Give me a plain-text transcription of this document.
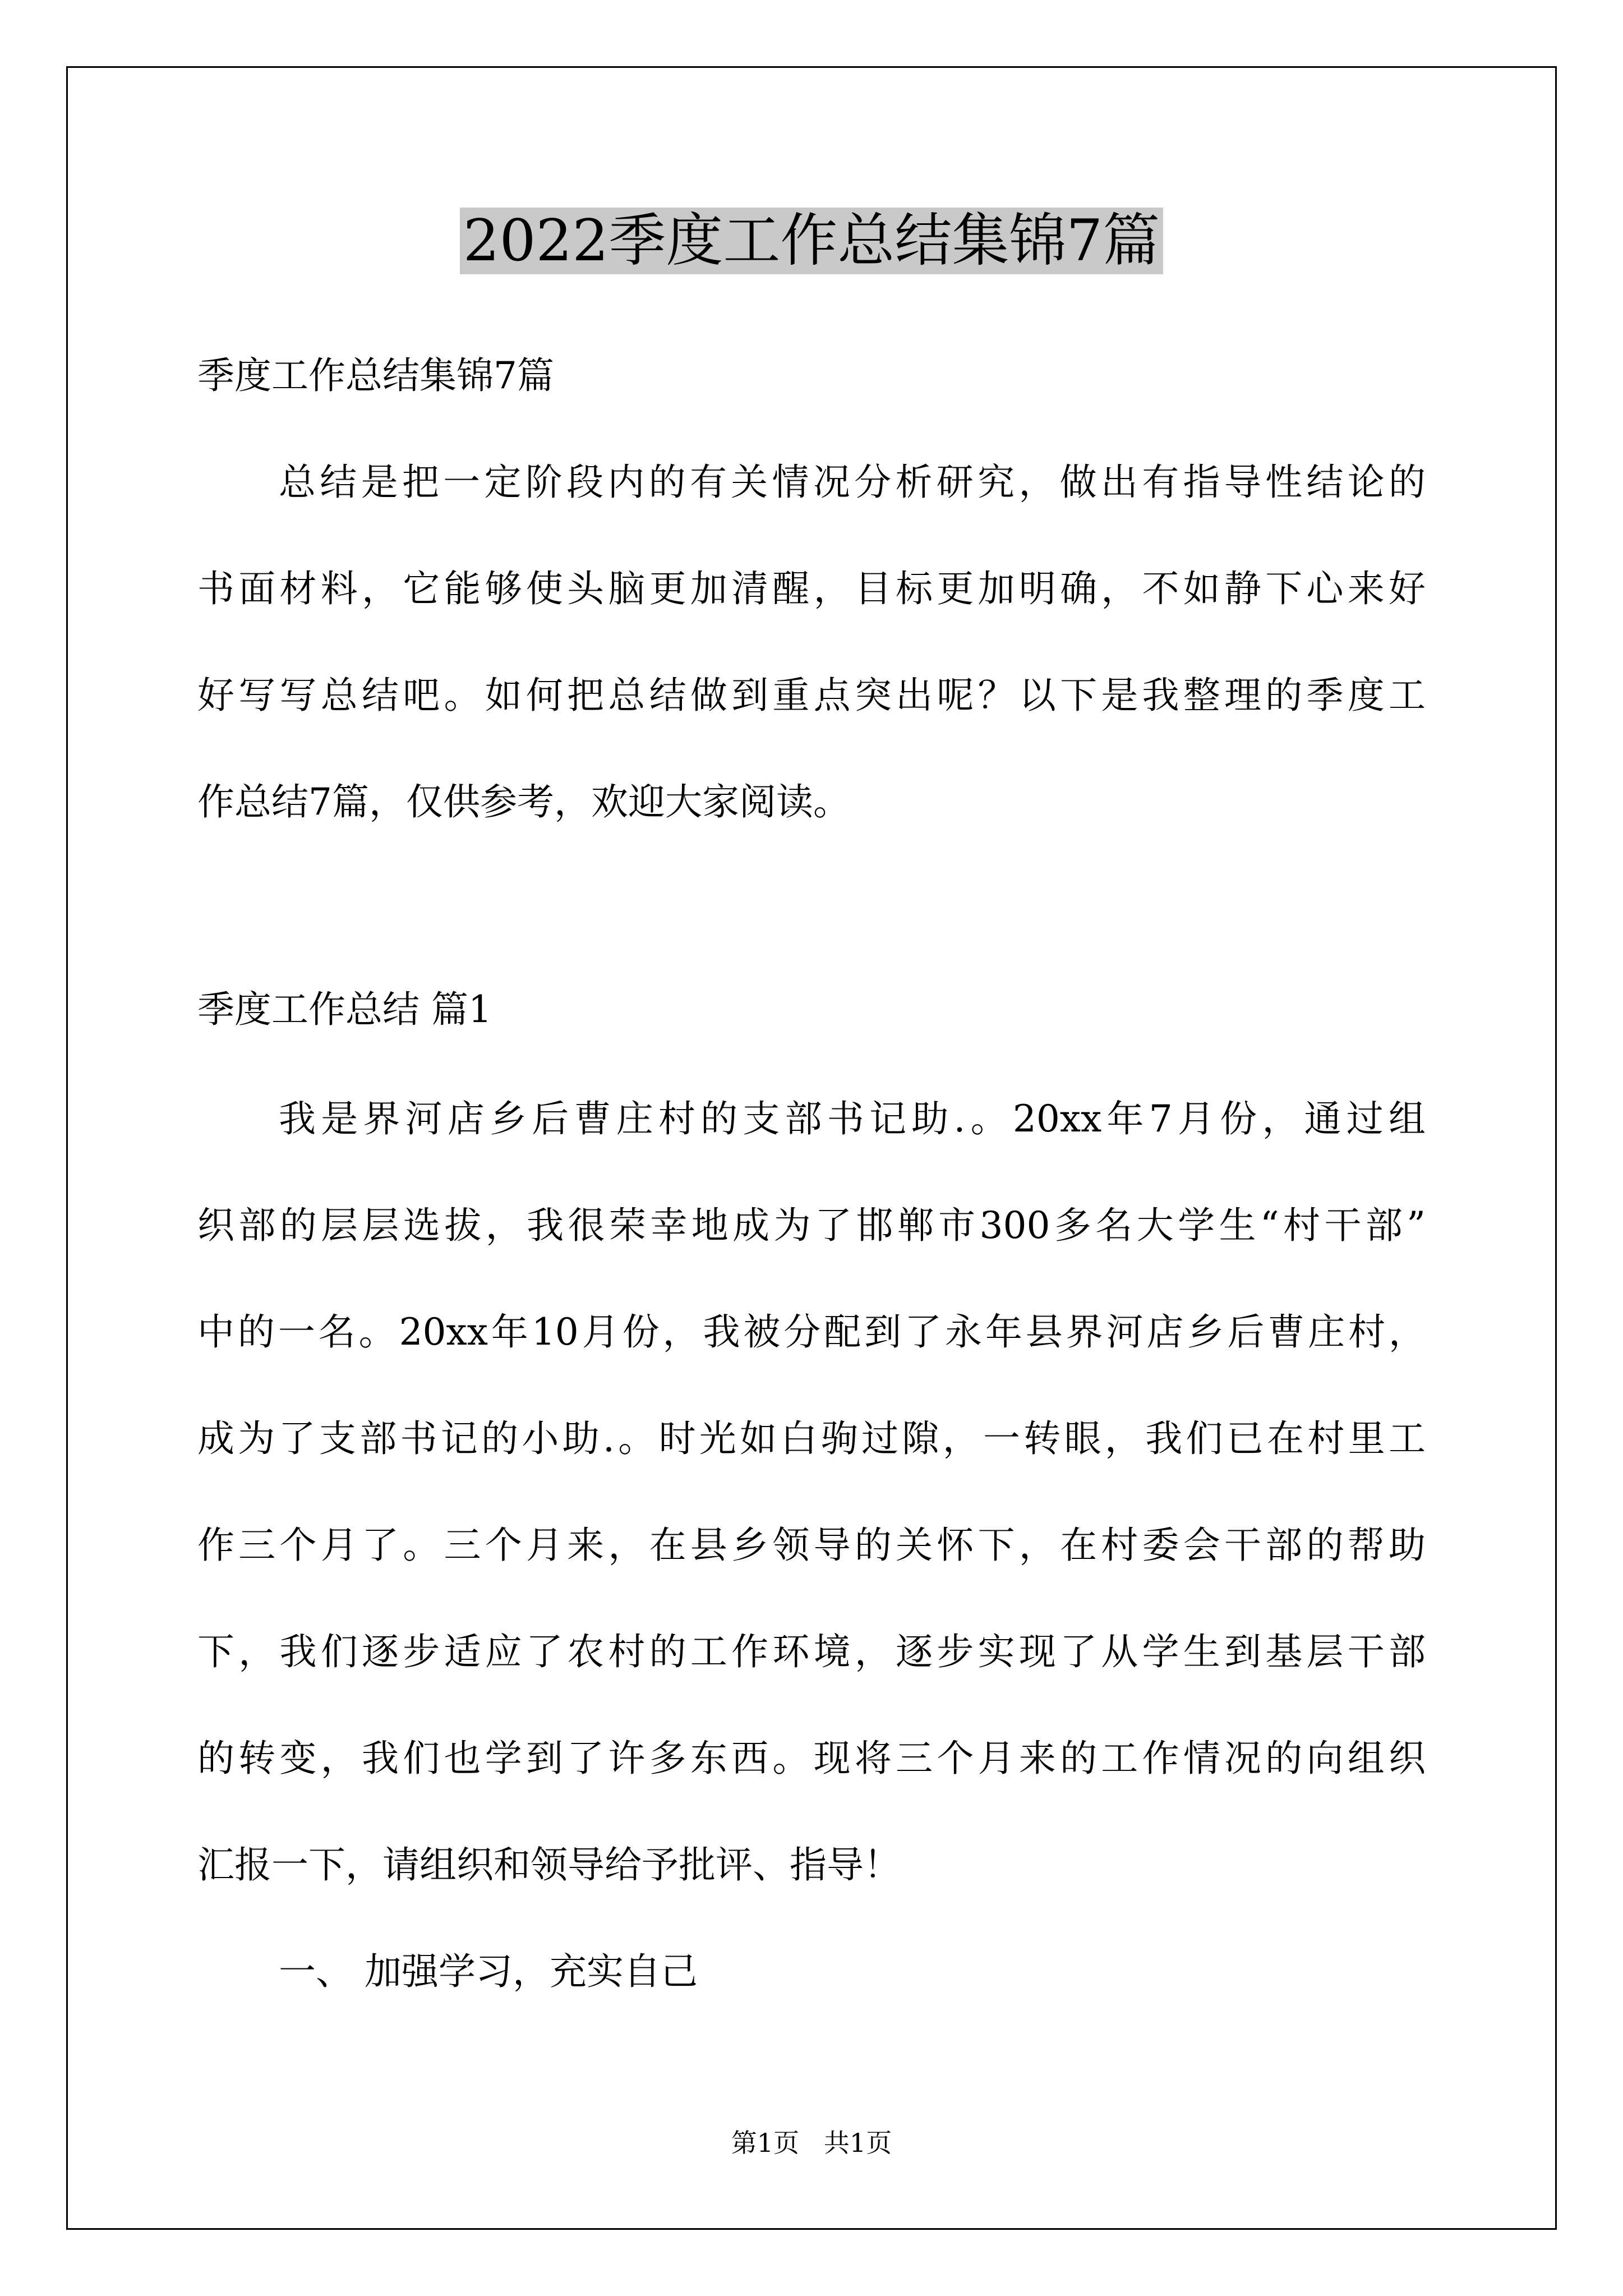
2022季度工作总结集锦7篇
季度工作总结集锦7篇
总结是把一定阶段内的有关情况分析研究，做出有指导性结论的
书面材料，它能够使头脑更加清醒，目标更加明确，不如静下心来好
好写写总结吧。如何把总结做到重点突出呢？以下是我整理的季度工
作总结7篇，仅供参考，欢迎大家阅读。
季度工作总结 篇1
我是界河店乡后曹庄村的支部书记助.。20xx年7月份，通过组
织部的层层选拔，我很荣幸地成为了邯郸市300多名大学生“村干部”
中的一名。20xx年10月份，我被分配到了永年县界河店乡后曹庄村，
成为了支部书记的小助.。时光如白驹过隙，一转眼，我们已在村里工
作三个月了。三个月来，在县乡领导的关怀下，在村委会干部的帮助
下，我们逐步适应了农村的工作环境，逐步实现了从学生到基层干部
的转变，我们也学到了许多东西。现将三个月来的工作情况的向组织
汇报一下，请组织和领导给予批评、指导！
一、 加强学习，充实自己
第1页   共1页
